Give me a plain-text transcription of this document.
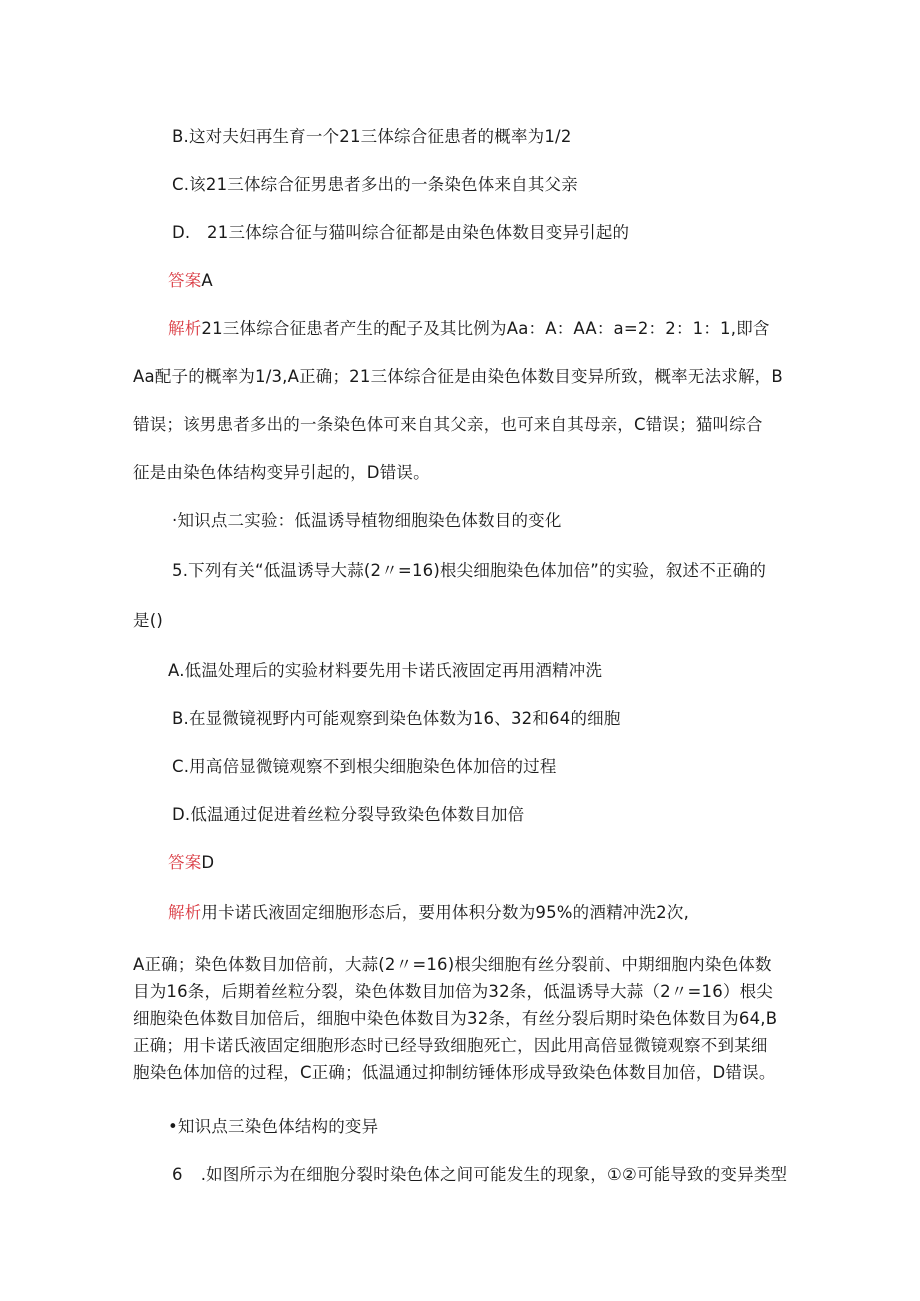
B.这对夫妇再生育一个21三体综合征患者的概率为1/2
C.该21三体综合征男患者多出的一条染色体来自其父亲
D.　21三体综合征与猫叫综合征都是由染色体数目变异引起的
答案A
解析21三体综合征患者产生的配子及其比例为Aa：A：AA：a=2：2：1：1,即含
Aa配子的概率为1/3,A正确；21三体综合征是由染色体数目变异所致，概率无法求解，B
错误；该男患者多出的一条染色体可来自其父亲，也可来自其母亲，C错误；猫叫综合
征是由染色体结构变异引起的，D错误。
·知识点二实验：低温诱导植物细胞染色体数目的变化
5.下列有关“低温诱导大蒜(2〃=16)根尖细胞染色体加倍”的实验，叙述不正确的
是()
A.低温处理后的实验材料要先用卡诺氏液固定再用酒精冲洗
B.在显微镜视野内可能观察到染色体数为16、32和64的细胞
C.用高倍显微镜观察不到根尖细胞染色体加倍的过程
D.低温通过促进着丝粒分裂导致染色体数目加倍
答案D
解析用卡诺氏液固定细胞形态后，要用体积分数为95%的酒精冲洗2次,
A正确；染色体数目加倍前，大蒜(2〃=16)根尖细胞有丝分裂前、中期细胞内染色体数
目为16条，后期着丝粒分裂，染色体数目加倍为32条，低温诱导大蒜（2〃=16）根尖
细胞染色体数目加倍后，细胞中染色体数目为32条，有丝分裂后期时染色体数目为64,B
正确；用卡诺氏液固定细胞形态时已经导致细胞死亡，因此用高倍显微镜观察不到某细
胞染色体加倍的过程，C正确；低温通过抑制纺锤体形成导致染色体数目加倍，D错误。
•知识点三染色体结构的变异
6 .如图所示为在细胞分裂时染色体之间可能发生的现象，①②可能导致的变异类型
